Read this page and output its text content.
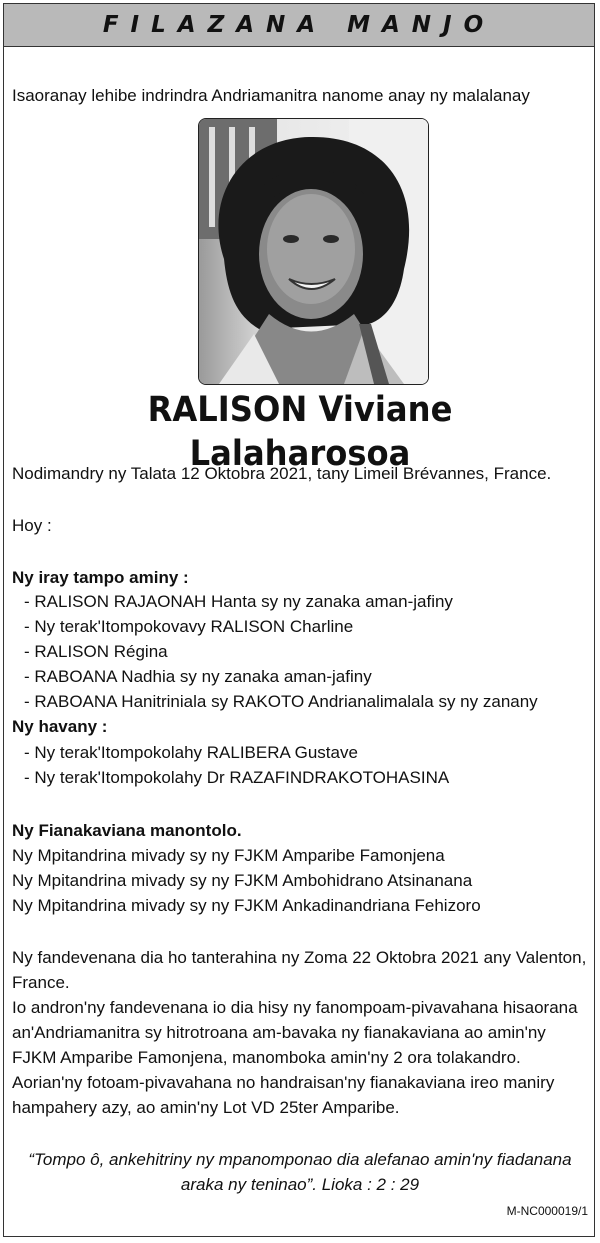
FILAZANA MANJO
Isaoranay lehibe indrindra Andriamanitra nanome anay ny malalanay
RALISON Viviane Lalaharosoa
Nodimandry ny Talata 12 Oktobra 2021, tany Limeil Brévannes, France.
Hoy :
Ny iray tampo aminy :
- RALISON RAJAONAH Hanta sy ny zanaka aman-jafiny
- Ny terak'Itompokovavy RALISON Charline
- RALISON Régina
- RABOANA Nadhia sy ny zanaka aman-jafiny
- RABOANA Hanitriniala sy RAKOTO Andrianalimalala sy ny zanany
Ny havany :
- Ny terak'Itompokolahy RALIBERA Gustave
- Ny terak'Itompokolahy Dr RAZAFINDRAKOTOHASINA
Ny Fianakaviana manontolo.
Ny Mpitandrina mivady sy ny FJKM Amparibe Famonjena
Ny Mpitandrina mivady sy ny FJKM Ambohidrano Atsinanana
Ny Mpitandrina mivady sy ny FJKM Ankadinandriana Fehizoro
Ny fandevenana dia ho tanterahina ny Zoma 22 Oktobra 2021 any Valenton,
France.
Io andron'ny fandevenana io dia hisy ny fanompoam-pivavahana hisaorana
an'Andriamanitra sy hitrotroana am-bavaka ny fianakaviana ao amin'ny
FJKM Amparibe Famonjena, manomboka amin'ny 2 ora tolakandro.
Aorian'ny fotoam-pivavahana no handraisan'ny fianakaviana ireo maniry
hampahery azy, ao amin'ny Lot VD 25ter Amparibe.
“Tompo ô, ankehitriny ny mpanomponao dia alefanao amin'ny fiadanana
araka ny teninao”. Lioka : 2 : 29
M-NC000019/1
